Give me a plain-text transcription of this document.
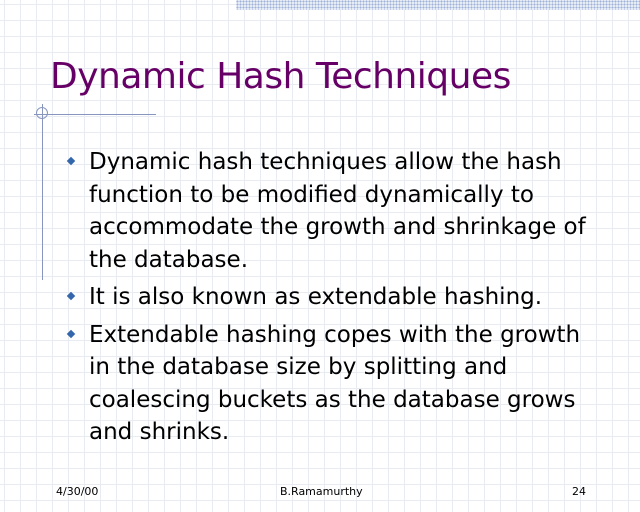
Dynamic Hash Techniques
Dynamic hash techniques allow the hash function to be modified dynamically to accommodate the growth and shrinkage of the database.
It is also known as extendable hashing.
Extendable hashing copes with the growth in the database size by splitting and coalescing buckets as the database grows and shrinks.
4/30/00	B.Ramamurthy	24
